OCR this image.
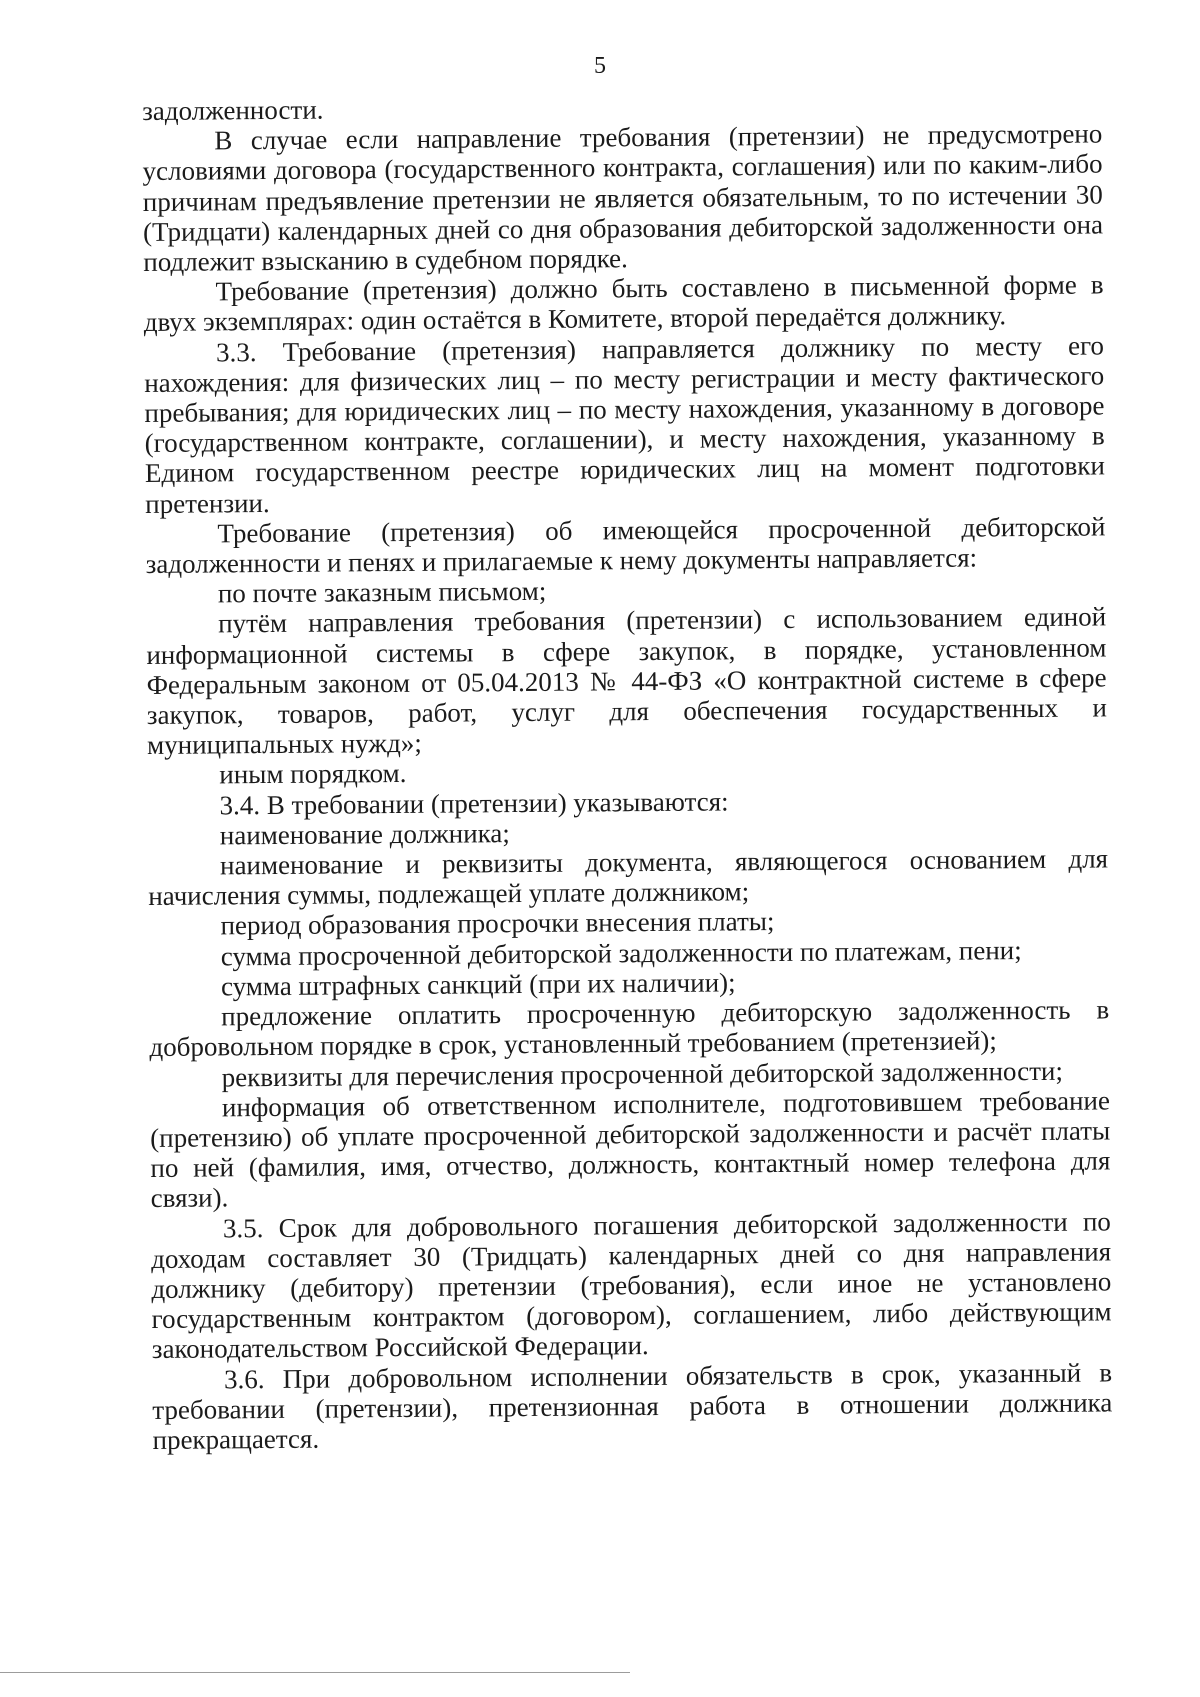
5

задолженности.

В случае если направление требования (претензии) не предусмотрено условиями договора (государственного контракта, соглашения) или по каким-либо причинам предъявление претензии не является обязательным, то по истечении 30 (Тридцати) календарных дней со дня образования дебиторской задолженности она подлежит взысканию в судебном порядке.

Требование (претензия) должно быть составлено в письменной форме в двух экземплярах: один остаётся в Комитете, второй передаётся должнику.

3.3. Требование (претензия) направляется должнику по месту его нахождения: для физических лиц – по месту регистрации и месту фактического пребывания; для юридических лиц – по месту нахождения, указанному в договоре (государственном контракте, соглашении), и месту нахождения, указанному в Едином государственном реестре юридических лиц на момент подготовки претензии.

Требование (претензия) об имеющейся просроченной дебиторской задолженности и пенях и прилагаемые к нему документы направляется:

по почте заказным письмом;

путём направления требования (претензии) с использованием единой информационной системы в сфере закупок, в порядке, установленном Федеральным законом от 05.04.2013 № 44-ФЗ «О контрактной системе в сфере закупок, товаров, работ, услуг для обеспечения государственных и муниципальных нужд»;

иным порядком.

3.4. В требовании (претензии) указываются:

наименование должника;

наименование и реквизиты документа, являющегося основанием для начисления суммы, подлежащей уплате должником;

период образования просрочки внесения платы;

сумма просроченной дебиторской задолженности по платежам, пени;

сумма штрафных санкций (при их наличии);

предложение оплатить просроченную дебиторскую задолженность в добровольном порядке в срок, установленный требованием (претензией);

реквизиты для перечисления просроченной дебиторской задолженности;

информация об ответственном исполнителе, подготовившем требование (претензию) об уплате просроченной дебиторской задолженности и расчёт платы по ней (фамилия, имя, отчество, должность, контактный номер телефона для связи).

3.5. Срок для добровольного погашения дебиторской задолженности по доходам составляет 30 (Тридцать) календарных дней со дня направления должнику (дебитору) претензии (требования), если иное не установлено государственным контрактом (договором), соглашением, либо действующим законодательством Российской Федерации.

3.6. При добровольном исполнении обязательств в срок, указанный в требовании (претензии), претензионная работа в отношении должника прекращается.
